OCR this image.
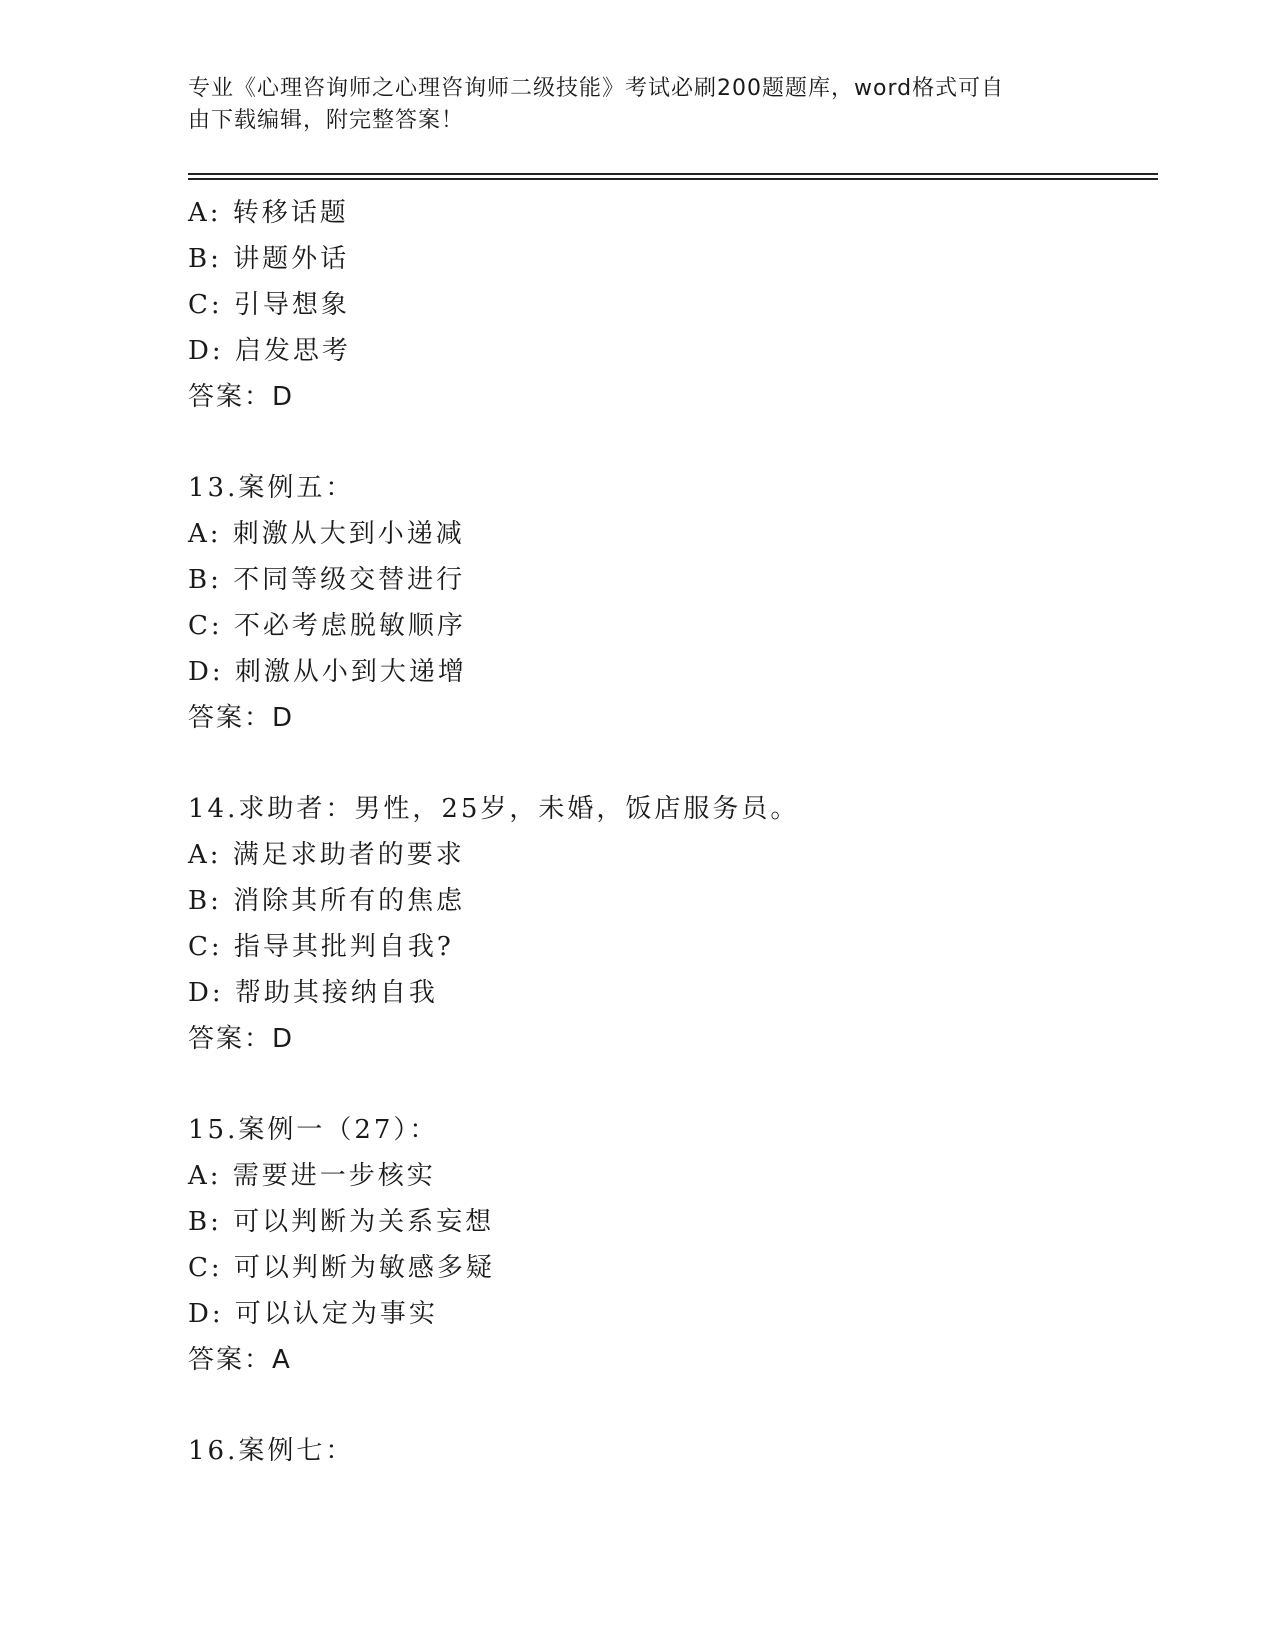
专业《心理咨询师之心理咨询师二级技能》考试必刷200题题库，word格式可自
由下载编辑，附完整答案！
A: 转移话题
B: 讲题外话
C: 引导想象
D: 启发思考
答案：D
13.案例五：
A: 刺激从大到小递减
B: 不同等级交替进行
C: 不必考虑脱敏顺序
D: 刺激从小到大递增
答案：D
14.求助者：男性，25岁，未婚，饭店服务员。
A: 满足求助者的要求
B: 消除其所有的焦虑
C: 指导其批判自我?
D: 帮助其接纳自我
答案：D
15.案例一（27）：
A: 需要进一步核实
B: 可以判断为关系妄想
C: 可以判断为敏感多疑
D: 可以认定为事实
答案：A
16.案例七：
